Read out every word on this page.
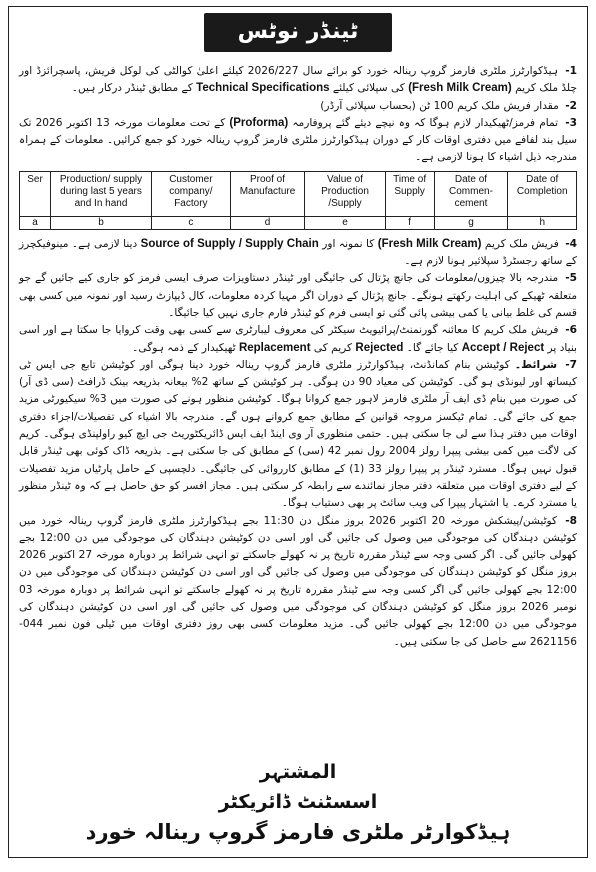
ٹینڈر نوٹس

1- ہیڈکوارٹرز ملٹری فارمز گروپ رینالہ خورد کو برائے سال 2026/227 کیلئے اعلیٰ کوالٹی کی لوکل فریش، پاسچرائزڈ اور چلڈ ملک کریم (Fresh Milk Cream) کی سپلائی کیلئے Technical Specifications کے مطابق ٹینڈر درکار ہیں۔

2- مقدار فریش ملک کریم 100 ٹن (بحساب سپلائی آرڈر)

3- تمام فرمز/ٹھیکیدار لازم ہوگا کہ وہ نیچے دیئے گئے پروفارمہ (Proforma) کے تحت معلومات مورخہ 13 اکتوبر 2026 تک سیل بند لفافے میں دفتری اوقات کار کے دوران ہیڈکوارٹرز ملٹری فارمز گروپ رینالہ خورد کو جمع کرائیں۔ معلومات کے ہمراہ مندرجہ ذیل اشیاء کا ہونا لازمی ہے۔

Ser	Production/ supply during last 5 years and In hand	Customer company/ Factory	Proof of Manufacture	Value of Production /Supply	Time of Supply	Date of Commen-cement	Date of Completion
a	b	c	d	e	f	g	h

4- فریش ملک کریم (Fresh Milk Cream) کا نمونہ اور Source of Supply / Supply Chain دینا لازمی ہے۔ مینوفیکچرز کے ساتھ رجسٹرڈ سپلائیر ہونا لازم ہے۔

5- مندرجہ بالا چیزوں/معلومات کی جانچ پڑتال کی جائیگی اور ٹینڈر دستاویزات صرف ایسی فرمز کو جاری کیے جائیں گے جو متعلقہ ٹھیکے کی اہلیت رکھتے ہونگے۔ جانچ پڑتال کے دوران اگر مہیا کردہ معلومات، کال ڈیپازٹ رسید اور نمونہ میں کسی بھی قسم کی غلط بیانی یا کمی بیشی پائی گئی تو ایسی فرم کو ٹینڈر فارم جاری نہیں کیا جائیگا۔

6- فریش ملک کریم کا معائنہ گورنمنٹ/پرائیویٹ سیکٹر کی معروف لیبارٹری سے کسی بھی وقت کروایا جا سکتا ہے اور اسی بنیاد پر Accept / Reject کیا جائے گا۔ Rejected کریم کی Replacement ٹھیکیدار کے ذمہ ہوگی۔

7- شرائط۔ کوٹیشن بنام کمانڈنٹ، ہیڈکوارٹرز ملٹری فارمز گروپ رینالہ خورد دینا ہوگی اور کوٹیشن تابع جی ایس ٹی کیساتھ اور لیونڈی ہو گی۔ کوٹیشن کی معیاد 90 دن ہوگی۔ ہر کوٹیشن کے ساتھ 2% بیعانہ بذریعہ بینک ڈرافٹ (سی ڈی آر) کی صورت میں بنام ڈی ایف آر ملٹری فارمز لاہور جمع کروانا ہوگا۔ کوٹیشن منظور ہونے کی صورت میں 3% سیکیورٹی مزید جمع کی جائے گی۔ تمام ٹیکسز مروجہ قوانین کے مطابق جمع کروانے ہوں گے۔ مندرجہ بالا اشیاء کی تفصیلات/اجزاء دفتری اوقات میں دفتر ہذا سے لی جا سکتی ہیں۔ حتمی منظوری آر وی اینڈ ایف ایس ڈائریکٹوریٹ جی ایچ کیو راولپنڈی ہوگی۔ کریم کی لاگت میں کمی بیشی پیپرا رولز 2004 رول نمبر 42 (سی) کے مطابق کی جا سکتی ہے۔ بذریعہ ڈاک کوئی بھی ٹینڈر قابل قبول نہیں ہوگا۔ مسترد ٹینڈر پر پیپرا رولز 33 (1) کے مطابق کارروائی کی جائیگی۔ دلچسپی کے حامل پارٹیاں مزید تفصیلات کے لیے دفتری اوقات میں متعلقہ دفتر مجاز نمائندے سے رابطہ کر سکتی ہیں۔ مجاز افسر کو حق حاصل ہے کہ وہ ٹینڈر منظور یا مسترد کرے۔ یا اشتہار پیپرا کی ویب سائٹ پر بھی دستیاب ہوگا۔

8- کوٹیشن/پیشکش مورخہ 20 اکتوبر 2026 بروز منگل دن 11:30 بجے ہیڈکوارٹرز ملٹری فارمز گروپ رینالہ خورد میں کوٹیشن دہندگان کی موجودگی میں وصول کی جائیں گی اور اسی دن کوٹیشن دہندگان کی موجودگی میں دن 12:00 بجے کھولی جائیں گی۔ اگر کسی وجہ سے ٹینڈر مقررہ تاریخ پر نہ کھولے جاسکتے تو انہی شرائط پر دوبارہ مورخہ 27 اکتوبر 2026 بروز منگل کو کوٹیشن دہندگان کی موجودگی میں وصول کی جائیں گی اور اسی دن کوٹیشن دہندگان کی موجودگی میں دن 12:00 بجے کھولی جائیں گی اگر کسی وجہ سے ٹینڈر مقررہ تاریخ پر نہ کھولے جاسکتے تو انہی شرائط پر دوبارہ مورخہ 03 نومبر 2026 بروز منگل کو کوٹیشن دہندگان کی موجودگی میں وصول کی جائیں گی اور اسی دن کوٹیشن دہندگان کی موجودگی میں دن 12:00 بجے کھولی جائیں گی۔ مزید معلومات کسی بھی روز دفتری اوقات میں ٹیلی فون نمبر 044-2621156 سے حاصل کی جا سکتی ہیں۔

المشتہر
اسسٹنٹ ڈائریکٹر
ہیڈکوارٹر ملٹری فارمز گروپ رینالہ خورد
